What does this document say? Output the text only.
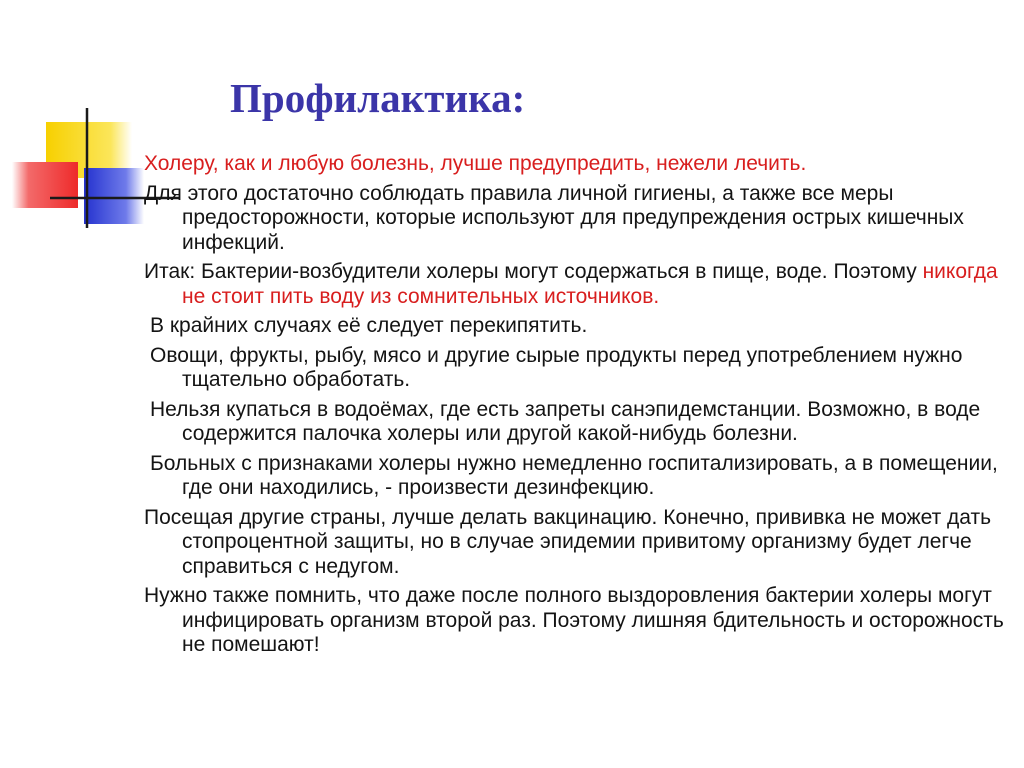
Профилактика:

Холеру, как и любую болезнь, лучше предупредить, нежели лечить.

Для этого достаточно соблюдать правила личной гигиены, а также все меры предосторожности, которые используют для предупреждения острых кишечных инфекций.

Итак: Бактерии-возбудители холеры могут содержаться в пище, воде. Поэтому никогда не стоит пить воду из сомнительных источников.

В крайних случаях её следует перекипятить.

Овощи, фрукты, рыбу, мясо и другие сырые продукты перед употреблением нужно тщательно обработать.

Нельзя купаться в водоёмах, где есть запреты санэпидемстанции. Возможно, в воде содержится палочка холеры или другой какой-нибудь болезни.

Больных с признаками холеры нужно немедленно госпитализировать, а в помещении, где они находились, - произвести дезинфекцию.

Посещая другие страны, лучше делать вакцинацию. Конечно, прививка не может дать стопроцентной защиты, но в случае эпидемии привитому организму будет легче справиться с недугом.

Нужно также помнить, что даже после полного выздоровления бактерии холеры могут инфицировать организм второй раз. Поэтому лишняя бдительность и осторожность не помешают!
